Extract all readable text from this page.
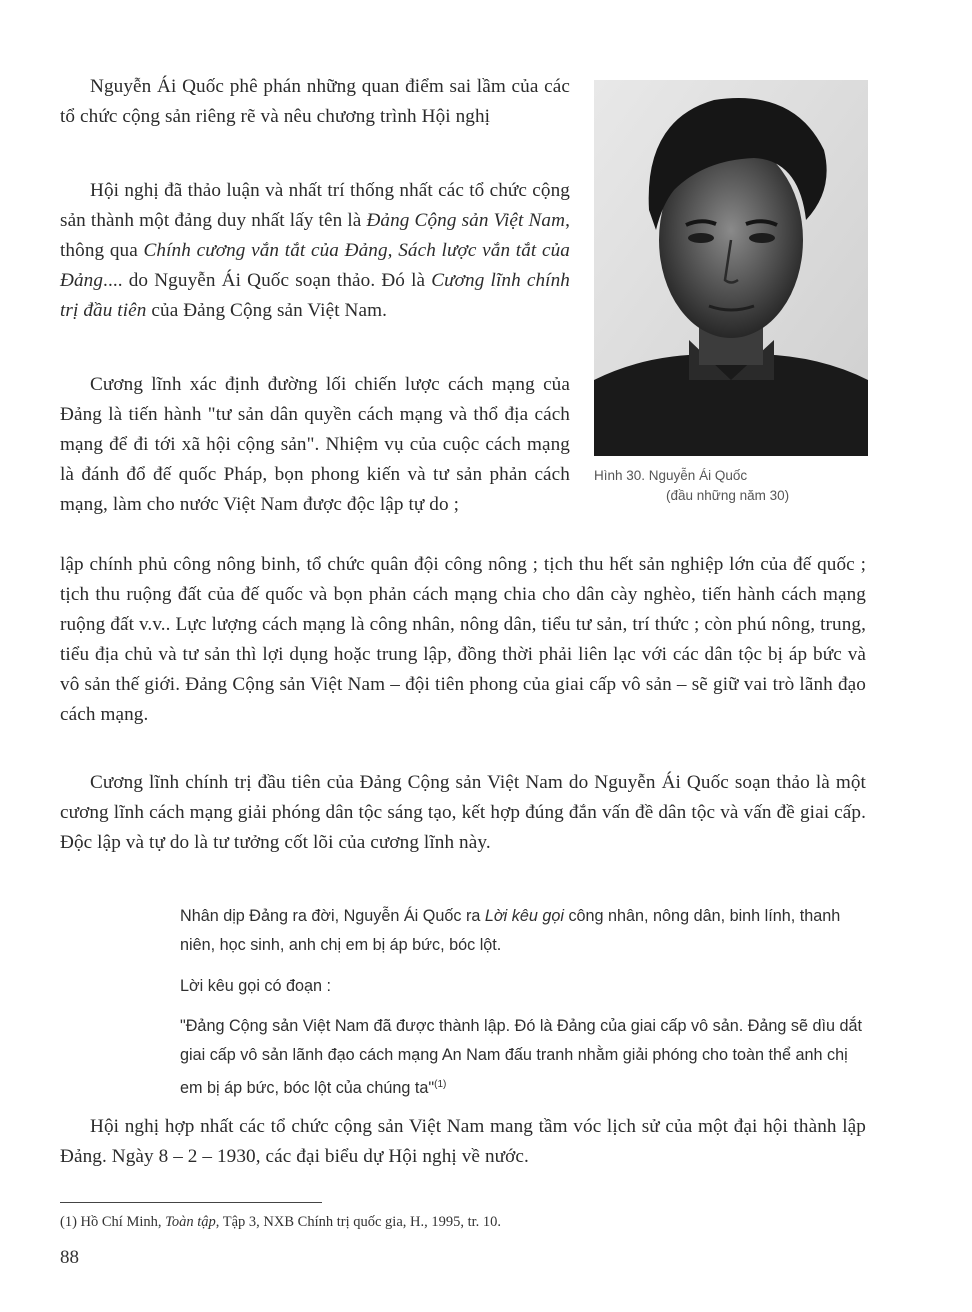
Nguyễn Ái Quốc phê phán những quan điểm sai lầm của các tổ chức cộng sản riêng rẽ và nêu chương trình Hội nghị

Hội nghị đã thảo luận và nhất trí thống nhất các tổ chức cộng sản thành một đảng duy nhất lấy tên là Đảng Cộng sản Việt Nam, thông qua Chính cương vắn tắt của Đảng, Sách lược vắn tắt của Đảng.... do Nguyễn Ái Quốc soạn thảo. Đó là Cương lĩnh chính trị đầu tiên của Đảng Cộng sản Việt Nam.

Cương lĩnh xác định đường lối chiến lược cách mạng của Đảng là tiến hành "tư sản dân quyền cách mạng và thổ địa cách mạng để đi tới xã hội cộng sản". Nhiệm vụ của cuộc cách mạng là đánh đổ đế quốc Pháp, bọn phong kiến và tư sản phản cách mạng, làm cho nước Việt Nam được độc lập tự do ;

Hình 30. Nguyễn Ái Quốc
(đầu những năm 30)

lập chính phủ công nông binh, tổ chức quân đội công nông ; tịch thu hết sản nghiệp lớn của đế quốc ; tịch thu ruộng đất của đế quốc và bọn phản cách mạng chia cho dân cày nghèo, tiến hành cách mạng ruộng đất v.v.. Lực lượng cách mạng là công nhân, nông dân, tiểu tư sản, trí thức ; còn phú nông, trung, tiểu địa chủ và tư sản thì lợi dụng hoặc trung lập, đồng thời phải liên lạc với các dân tộc bị áp bức và vô sản thế giới. Đảng Cộng sản Việt Nam – đội tiên phong của giai cấp vô sản – sẽ giữ vai trò lãnh đạo cách mạng.

Cương lĩnh chính trị đầu tiên của Đảng Cộng sản Việt Nam do Nguyễn Ái Quốc soạn thảo là một cương lĩnh cách mạng giải phóng dân tộc sáng tạo, kết hợp đúng đắn vấn đề dân tộc và vấn đề giai cấp. Độc lập và tự do là tư tưởng cốt lõi của cương lĩnh này.

Nhân dịp Đảng ra đời, Nguyễn Ái Quốc ra Lời kêu gọi công nhân, nông dân, binh lính, thanh niên, học sinh, anh chị em bị áp bức, bóc lột.

Lời kêu gọi có đoạn :

"Đảng Cộng sản Việt Nam đã được thành lập. Đó là Đảng của giai cấp vô sản. Đảng sẽ dìu dắt giai cấp vô sản lãnh đạo cách mạng An Nam đấu tranh nhằm giải phóng cho toàn thể anh chị em bị áp bức, bóc lột của chúng ta"$^{(1)}$

Hội nghị hợp nhất các tổ chức cộng sản Việt Nam mang tầm vóc lịch sử của một đại hội thành lập Đảng. Ngày 8 – 2 – 1930, các đại biểu dự Hội nghị về nước.

(1) Hồ Chí Minh, Toàn tập, Tập 3, NXB Chính trị quốc gia, H., 1995, tr. 10.
88
